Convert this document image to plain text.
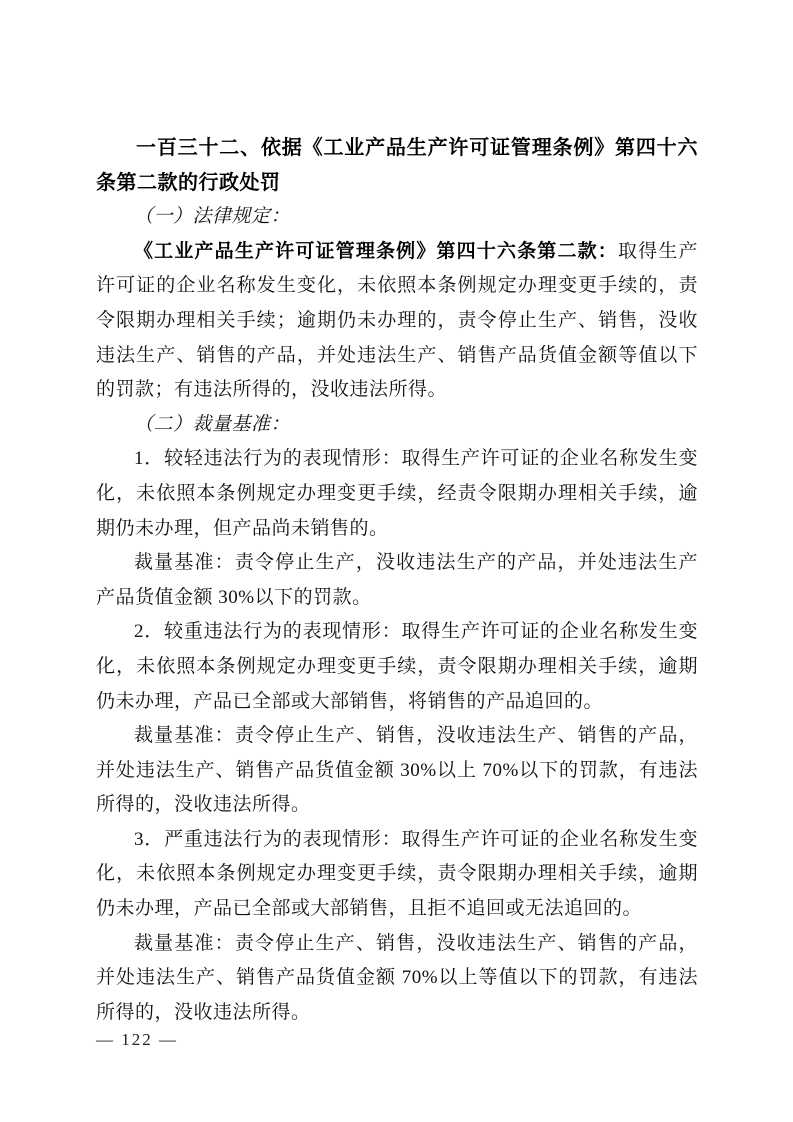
一百三十二、依据《工业产品生产许可证管理条例》第四十六条第二款的行政处罚

（一）法律规定：

《工业产品生产许可证管理条例》第四十六条第二款：取得生产许可证的企业名称发生变化，未依照本条例规定办理变更手续的，责令限期办理相关手续；逾期仍未办理的，责令停止生产、销售，没收违法生产、销售的产品，并处违法生产、销售产品货值金额等值以下的罚款；有违法所得的，没收违法所得。

（二）裁量基准：

1．较轻违法行为的表现情形：取得生产许可证的企业名称发生变化，未依照本条例规定办理变更手续，经责令限期办理相关手续，逾期仍未办理，但产品尚未销售的。

裁量基准：责令停止生产，没收违法生产的产品，并处违法生产产品货值金额 30%以下的罚款。

2．较重违法行为的表现情形：取得生产许可证的企业名称发生变化，未依照本条例规定办理变更手续，责令限期办理相关手续，逾期仍未办理，产品已全部或大部销售，将销售的产品追回的。

裁量基准：责令停止生产、销售，没收违法生产、销售的产品，并处违法生产、销售产品货值金额 30%以上 70%以下的罚款，有违法所得的，没收违法所得。

3．严重违法行为的表现情形：取得生产许可证的企业名称发生变化，未依照本条例规定办理变更手续，责令限期办理相关手续，逾期仍未办理，产品已全部或大部销售，且拒不追回或无法追回的。

裁量基准：责令停止生产、销售，没收违法生产、销售的产品，并处违法生产、销售产品货值金额 70%以上等值以下的罚款，有违法所得的，没收违法所得。

— 122 —
